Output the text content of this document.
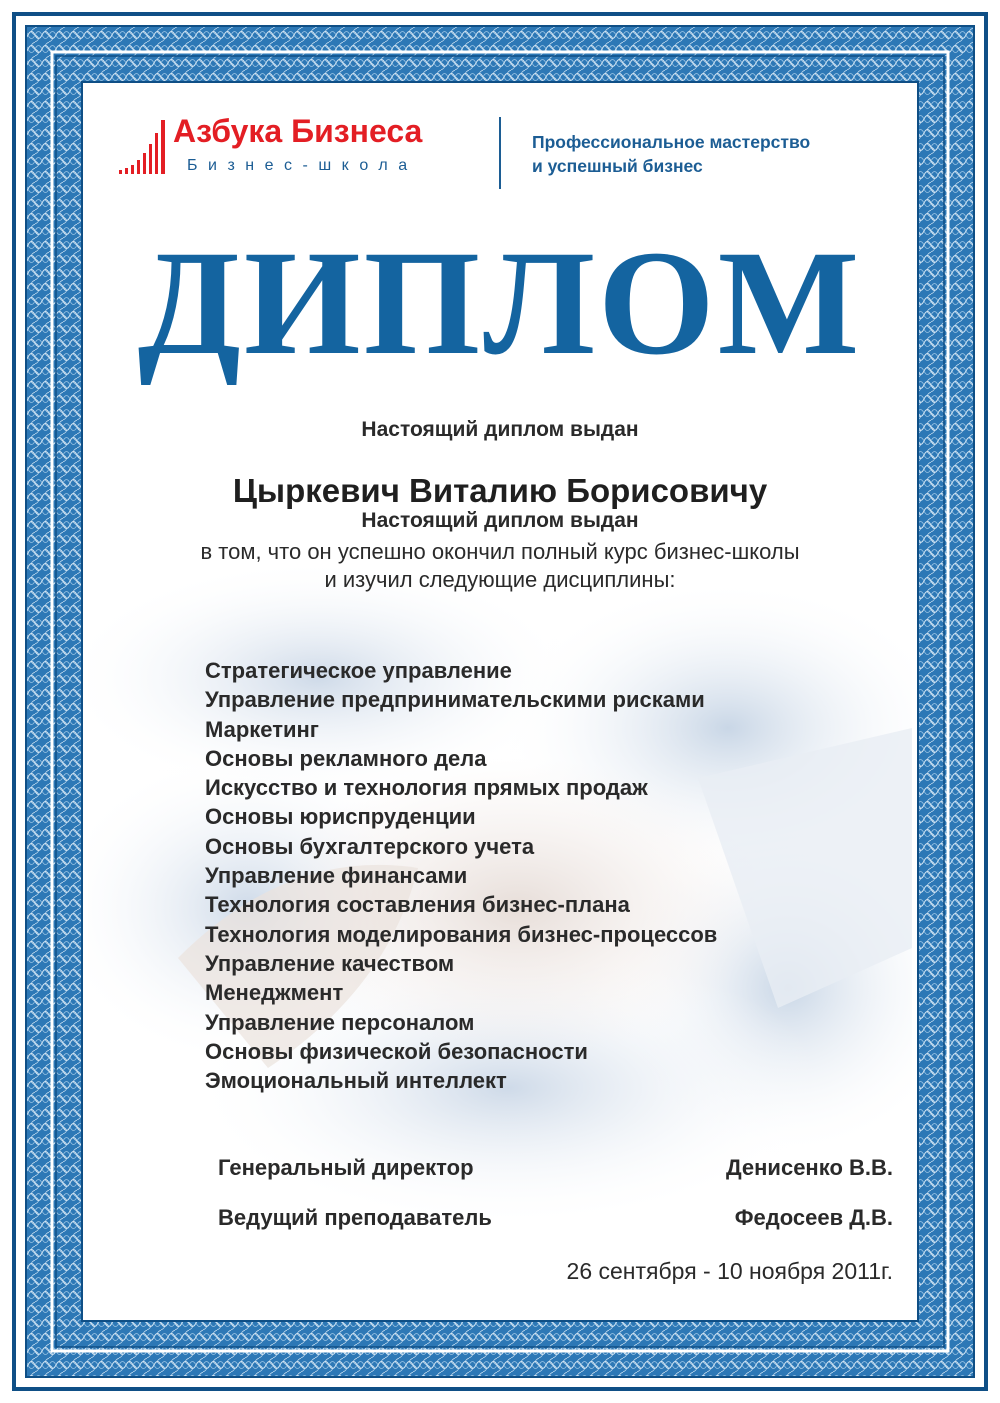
Азбука Бизнеса
Бизнес-школа
Профессиональное мастерство
и успешный бизнес
ДИПЛОМ
Настоящий диплом выдан
Цыркевич Виталию Борисовичу
Настоящий диплом выдан
в том, что он успешно окончил полный курс бизнес-школы
и изучил следующие дисциплины:
Стратегическое управление
Управление предпринимательскими рисками
Маркетинг
Основы рекламного дела
Искусство и технология прямых продаж
Основы юриспруденции
Основы бухгалтерского учета
Управление финансами
Технология составления бизнес-плана
Технология моделирования бизнес-процессов
Управление качеством
Менеджмент
Управление персоналом
Основы физической безопасности
Эмоциональный интеллект
Генеральный директор	Денисенко В.В.
Ведущий преподаватель	Федосеев Д.В.
26 сентября - 10 ноября 2011г.
